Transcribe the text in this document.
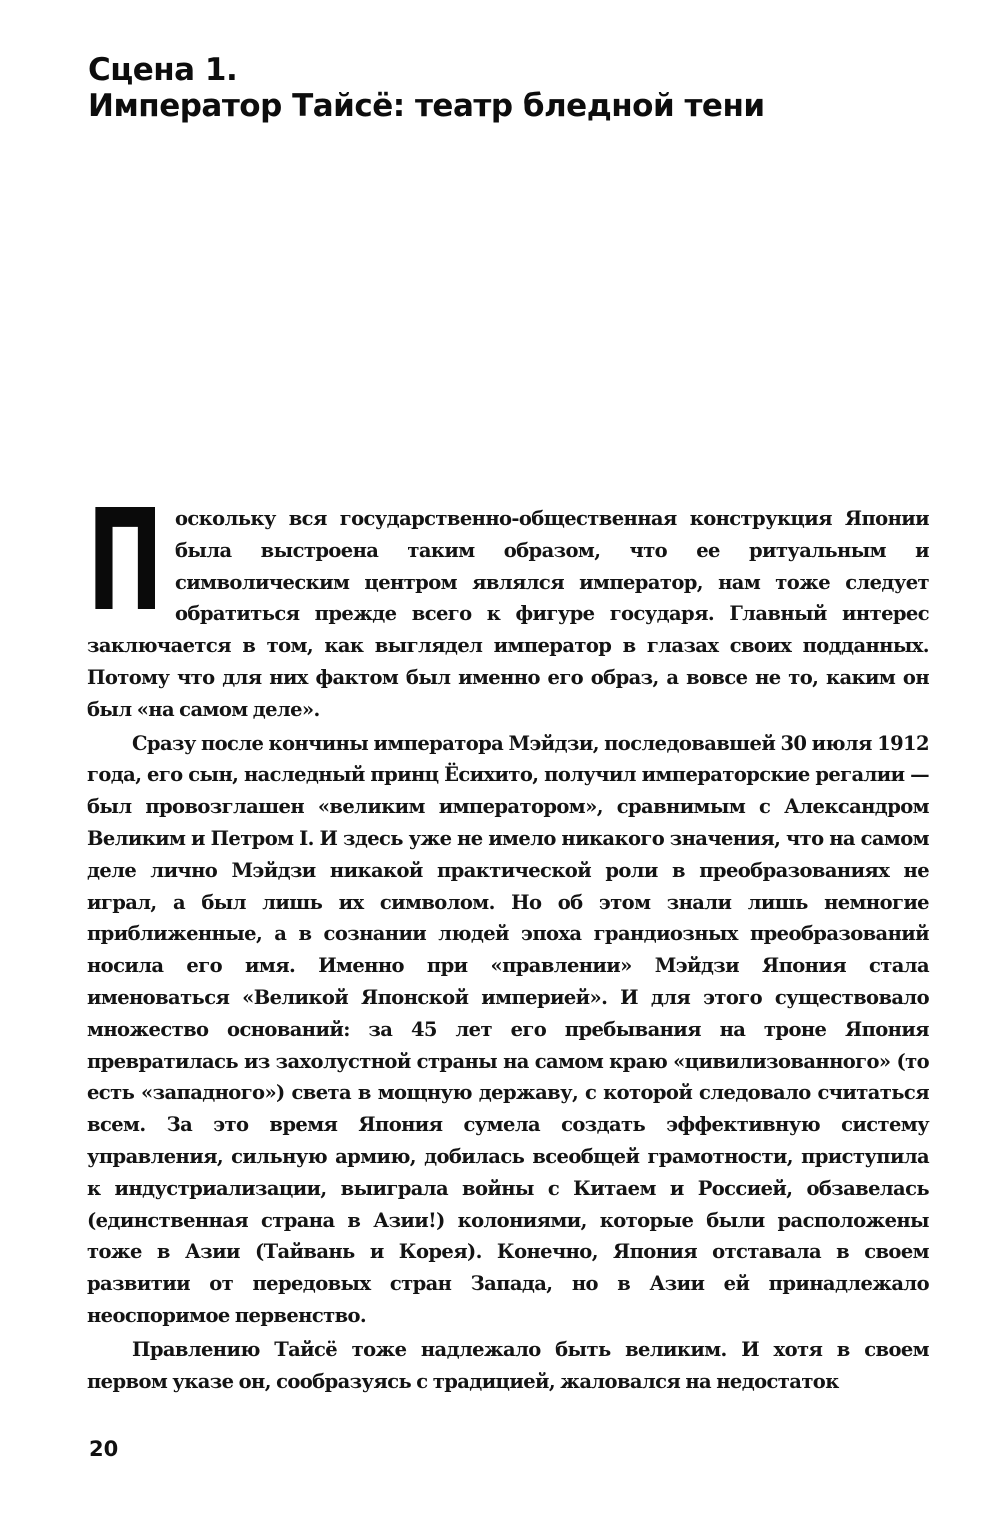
Сцена 1.
Император Тайсё: театр бледной тени

П оскольку вся государственно-общественная конструкция Японии была выстроена таким образом, что ее ритуальным и символическим центром являлся император, нам тоже следует обратиться прежде всего к фигуре государя. Главный интерес заключается в том, как выглядел император в глазах своих подданных. Потому что для них фактом был именно его образ, а вовсе не то, каким он был «на самом деле».

Сразу после кончины императора Мэйдзи, последовавшей 30 июля 1912 года, его сын, наследный принц Ёсихито, получил императорские регалии — был провозглашен «великим императором», сравнимым с Александром Великим и Петром I. И здесь уже не имело никакого значения, что на самом деле лично Мэйдзи никакой практической роли в преобразованиях не играл, а был лишь их символом. Но об этом знали лишь немногие приближенные, а в сознании людей эпоха грандиозных преобразований носила его имя. Именно при «правлении» Мэйдзи Япония стала именоваться «Великой Японской империей». И для этого существовало множество оснований: за 45 лет его пребывания на троне Япония превратилась из захолустной страны на самом краю «цивилизованного» (то есть «западного») света в мощную державу, с которой следовало считаться всем. За это время Япония сумела создать эффективную систему управления, сильную армию, добилась всеобщей грамотности, приступила к индустриализации, выиграла войны с Китаем и Россией, обзавелась (единственная страна в Азии!) колониями, которые были расположены тоже в Азии (Тайвань и Корея). Конечно, Япония отставала в своем развитии от передовых стран Запада, но в Азии ей принадлежало неоспоримое первенство.

Правлению Тайсё тоже надлежало быть великим. И хотя в своем первом указе он, сообразуясь с традицией, жаловался на недостаток

20
